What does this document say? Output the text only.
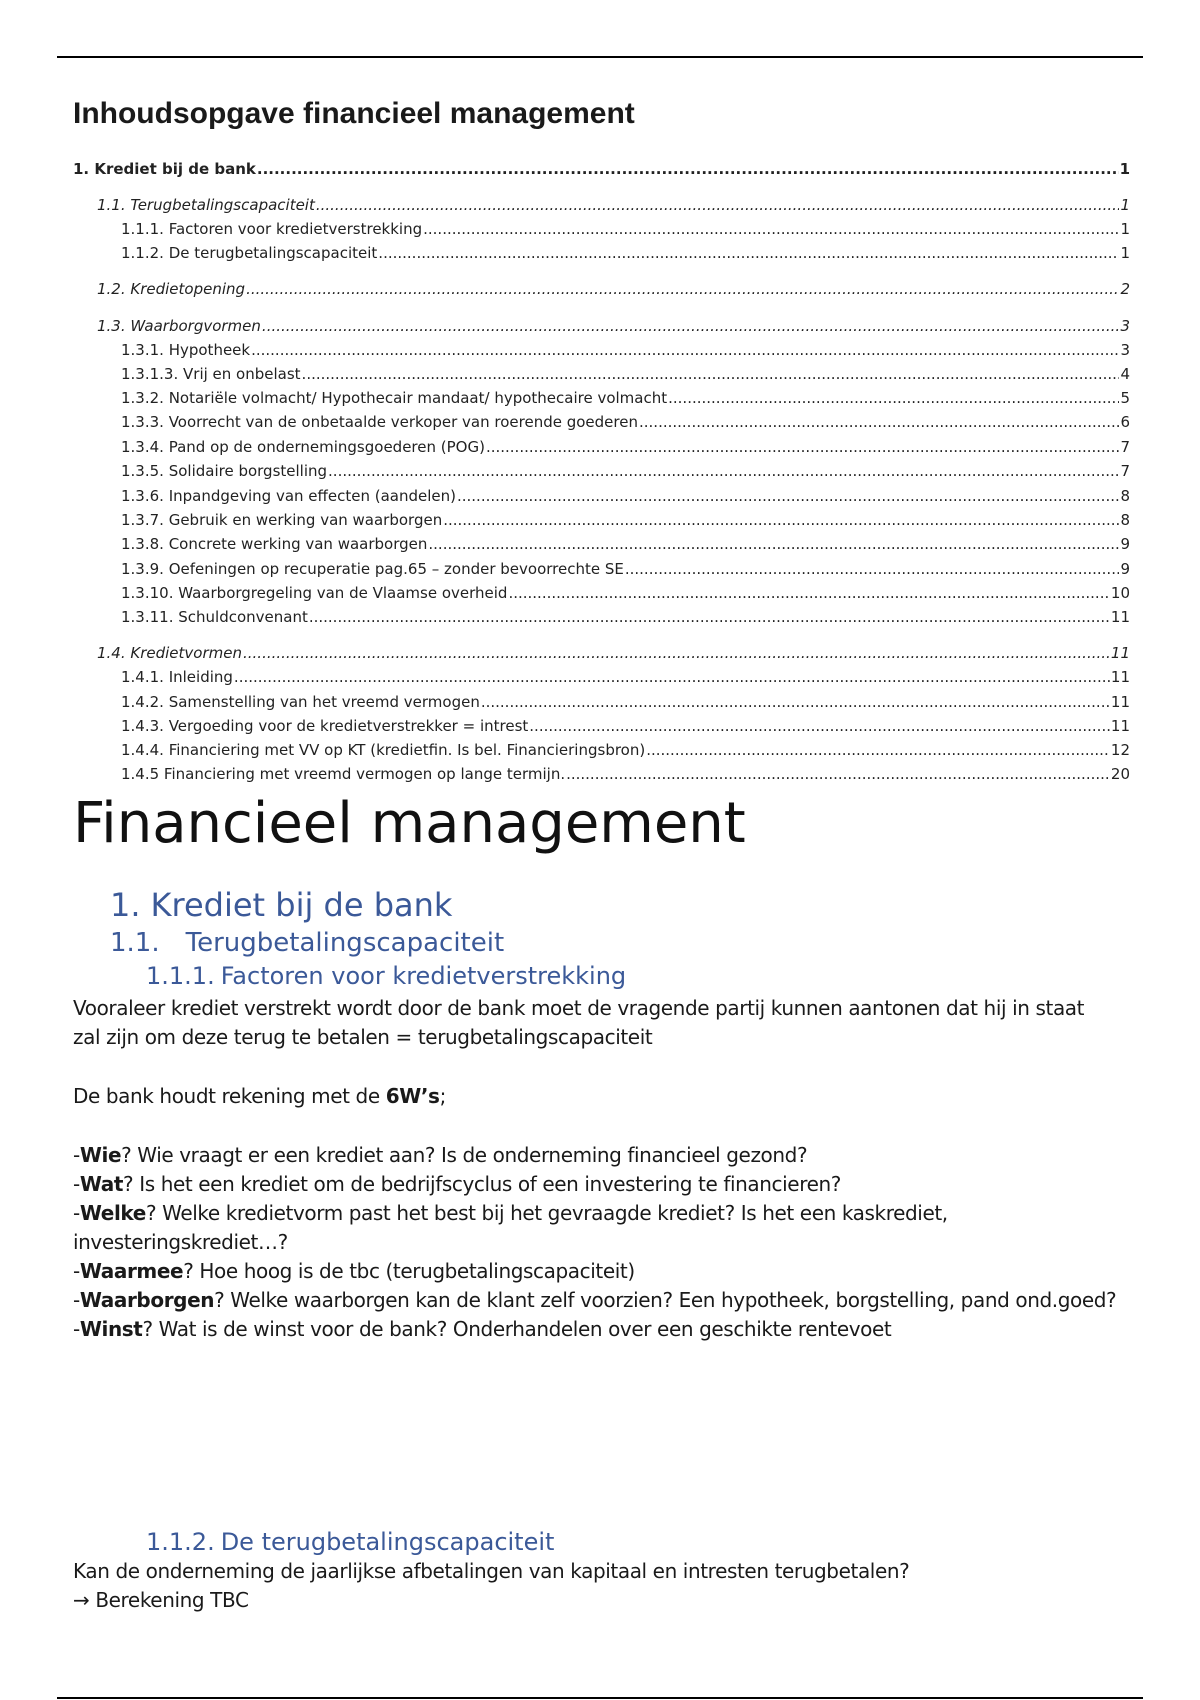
Inhoudsopgave financieel management
1. Krediet bij de bank .....	1
1.1. Terugbetalingscapaciteit .....	1
1.1.1. Factoren voor kredietverstrekking .....	1
1.1.2. De terugbetalingscapaciteit .....	1
1.2. Kredietopening .....	2
1.3. Waarborgvormen .....	3
1.3.1. Hypotheek .....	3
1.3.1.3. Vrij en onbelast .....	4
1.3.2. Notariële volmacht/ Hypothecair mandaat/ hypothecaire volmacht .....	5
1.3.3. Voorrecht van de onbetaalde verkoper van roerende goederen .....	6
1.3.4. Pand op de ondernemingsgoederen (POG) .....	7
1.3.5. Solidaire borgstelling .....	7
1.3.6. Inpandgeving van effecten (aandelen) .....	8
1.3.7. Gebruik en werking van waarborgen .....	8
1.3.8. Concrete werking van waarborgen .....	9
1.3.9. Oefeningen op recuperatie pag.65 – zonder bevoorrechte SE .....	9
1.3.10. Waarborgregeling van de Vlaamse overheid .....	10
1.3.11. Schuldconvenant .....	11
1.4. Kredietvormen .....	11
1.4.1. Inleiding .....	11
1.4.2. Samenstelling van het vreemd vermogen .....	11
1.4.3. Vergoeding voor de kredietverstrekker = intrest .....	11
1.4.4. Financiering met VV op KT (kredietfin. Is bel. Financieringsbron) .....	12
1.4.5 Financiering met vreemd vermogen op lange termijn. .....	20
Financieel management
1. Krediet bij de bank
1.1. Terugbetalingscapaciteit
1.1.1. Factoren voor kredietverstrekking

Vooraleer krediet verstrekt wordt door de bank moet de vragende partij kunnen aantonen dat hij in staat
zal zijn om deze terug te betalen = terugbetalingscapaciteit

De bank houdt rekening met de 6W’s;

-Wie? Wie vraagt er een krediet aan? Is de onderneming financieel gezond?
-Wat? Is het een krediet om de bedrijfscyclus of een investering te financieren?
-Welke? Welke kredietvorm past het best bij het gevraagde krediet? Is het een kaskrediet,
investeringskrediet…?
-Waarmee? Hoe hoog is de tbc (terugbetalingscapaciteit)
-Waarborgen? Welke waarborgen kan de klant zelf voorzien? Een hypotheek, borgstelling, pand ond.goed?
-Winst? Wat is de winst voor de bank? Onderhandelen over een geschikte rentevoet
1.1.2. De terugbetalingscapaciteit

Kan de onderneming de jaarlijkse afbetalingen van kapitaal en intresten terugbetalen?

→ Berekening TBC
